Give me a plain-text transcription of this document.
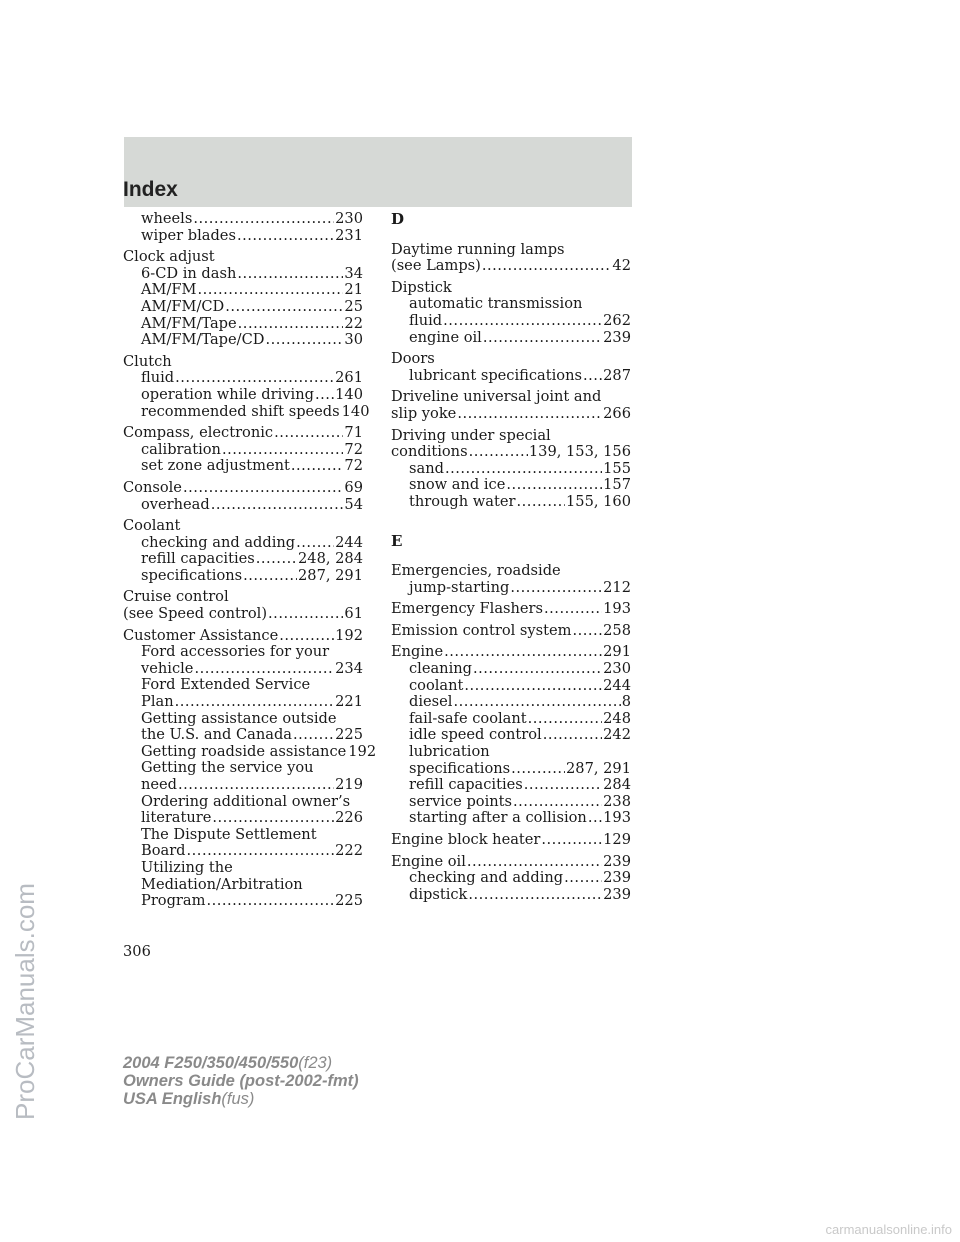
Index
wheels .....	230
wiper blades .....	231
Clock adjust
6-CD in dash .....	34
AM/FM .....	21
AM/FM/CD .....	25
AM/FM/Tape .....	22
AM/FM/Tape/CD .....	30
Clutch
fluid .....	261
operation while driving ..... 140
recommended shift speeds 140
Compass, electronic .....	71
calibration .....	72
set zone adjustment .....	72
Console .....	69
overhead .....	54
Coolant
checking and adding .....	244
refill capacities .....	248, 284
specifications .....	287, 291
Cruise control
(see Speed control) .....	61
Customer Assistance .....	192
Ford accessories for your
vehicle .....	234
Ford Extended Service
Plan .....	221
Getting assistance outside
the U.S. and Canada .....	225
Getting roadside assistance 192
Getting the service you
need .....	219
Ordering additional owner’s
literature .....	226
The Dispute Settlement
Board .....	222
Utilizing the
Mediation/Arbitration
Program .....	225
D
Daytime running lamps
(see Lamps) .....	42
Dipstick
automatic transmission
fluid .....	262
engine oil .....	239
Doors
lubricant specifications ..... 287
Driveline universal joint and
slip yoke .....	266
Driving under special
conditions .....	139, 153, 156
sand .....	155
snow and ice .....	157
through water .....	155, 160
E
Emergencies, roadside
jump-starting .....	212
Emergency Flashers .....	193
Emission control system ..... 258
Engine .....	291
cleaning .....	230
coolant .....	244
diesel .....	8
fail-safe coolant .....	248
idle speed control .....	242
lubrication
specifications .....	287, 291
refill capacities .....	284
service points .....	238
starting after a collision ..... 193
Engine block heater .....	129
Engine oil .....	239
checking and adding .....	239
dipstick .....	239
306
2004 F250/350/450/550(f23)
Owners Guide (post-2002-fmt)
USA English(fus)
ProCarManuals.com
carmanualsonline.info
